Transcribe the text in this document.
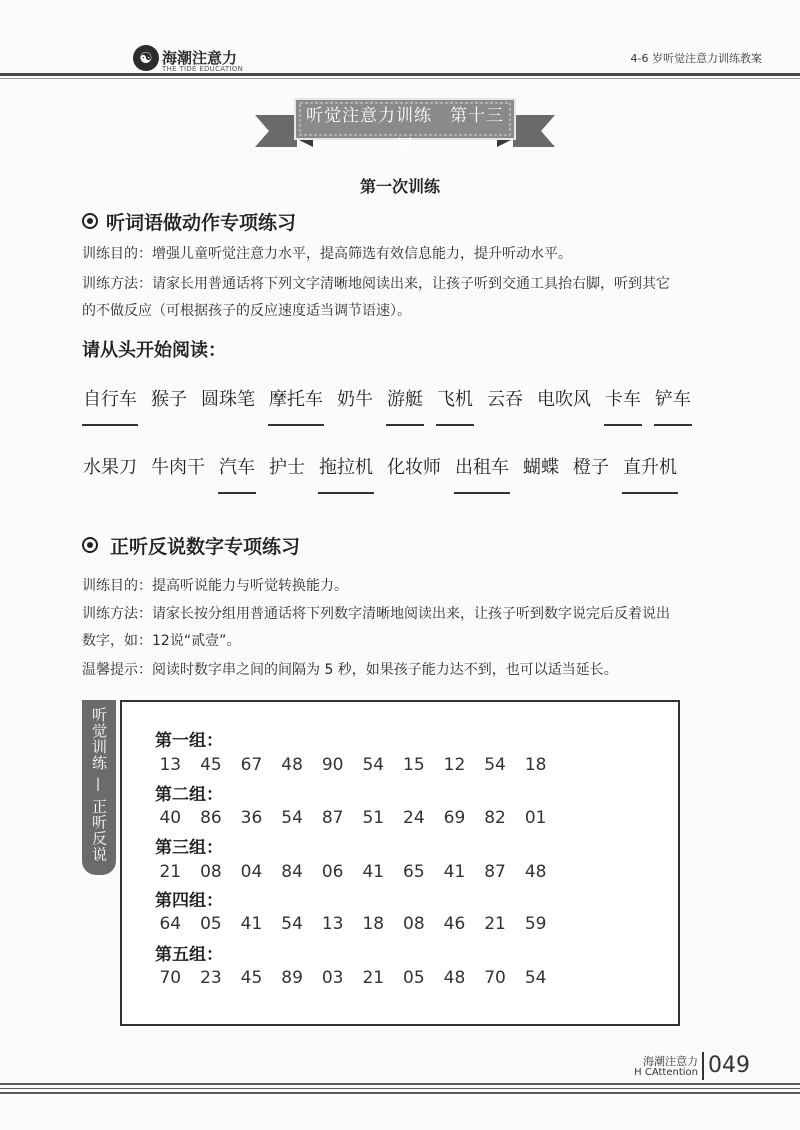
☯ 海潮注意力
THE TIDE EDUCATION
4-6 岁听觉注意力训练教案
听觉注意力训练　第十三周
第一次训练
听词语做动作专项练习
训练目的：增强儿童听觉注意力水平，提高筛选有效信息能力，提升听动水平。
训练方法：请家长用普通话将下列文字清晰地阅读出来，让孩子听到交通工具抬右脚，听到其它
的不做反应（可根据孩子的反应速度适当调节语速）。
请从头开始阅读：
自行车 猴子 圆珠笔 摩托车 奶牛 游艇 飞机 云吞 电吹风 卡车 铲车
水果刀 牛肉干 汽车 护士 拖拉机 化妆师 出租车 蝴蝶 橙子 直升机
正听反说数字专项练习
训练目的：提高听说能力与听觉转换能力。
训练方法：请家长按分组用普通话将下列数字清晰地阅读出来，让孩子听到数字说完后反着说出
数字，如：12说“贰壹”。
温馨提示：阅读时数字串之间的间隔为 5 秒，如果孩子能力达不到，也可以适当延长。
听觉训练 — 正听反说	第一组：
13	45	67	48	90	54	15	12	54	18
第二组：
40	86	36	54	87	51	24	69	82	01
第三组：
21	08	04	84	06	41	65	41	87	48
第四组：
64	05	41	54	13	18	08	46	21	59
第五组：
70	23	45	89	03	21	05	48	70	54
海潮注意力
H CAttention 049
